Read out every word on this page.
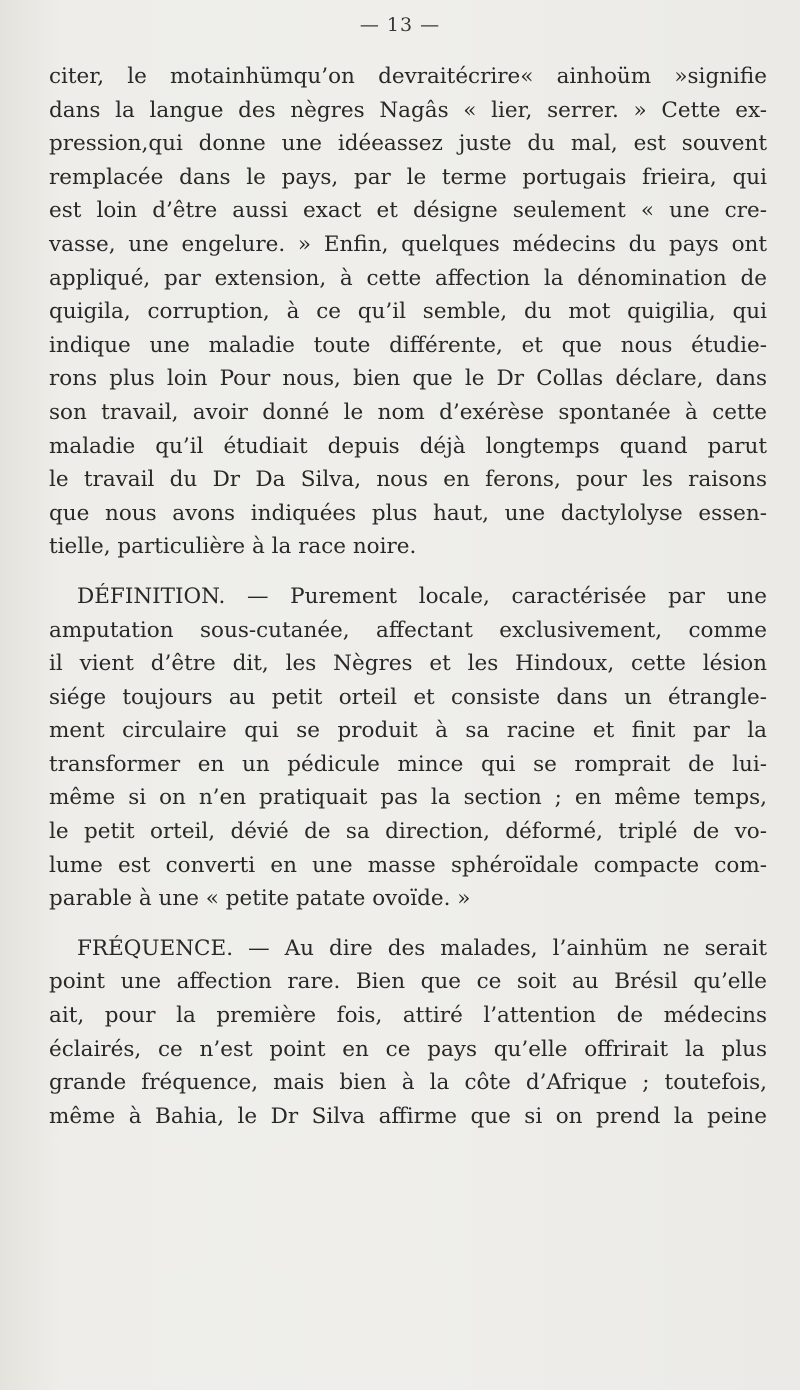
— 13 —
citer, le motainhümqu’on devraitécrire« ainhoüm »signifie
dans la langue des nègres Nagâs « lier, serrer. » Cette ex-
pression,qui donne une idéeassez juste du mal, est souvent
remplacée dans le pays, par le terme portugais frieira, qui
est loin d’être aussi exact et désigne seulement « une cre-
vasse, une engelure. » Enfin, quelques médecins du pays ont
appliqué, par extension, à cette affection la dénomination de
quigila, corruption, à ce qu’il semble, du mot quigilia, qui
indique une maladie toute différente, et que nous étudie-
rons plus loin Pour nous, bien que le Dr Collas déclare, dans
son travail, avoir donné le nom d’exérèse spontanée à cette
maladie qu’il étudiait depuis déjà longtemps quand parut
le travail du Dr Da Silva, nous en ferons, pour les raisons
que nous avons indiquées plus haut, une dactylolyse essen-
tielle, particulière à la race noire.
DÉFINITION. — Purement locale, caractérisée par une
amputation sous-cutanée, affectant exclusivement, comme
il vient d’être dit, les Nègres et les Hindoux, cette lésion
siége toujours au petit orteil et consiste dans un étrangle-
ment circulaire qui se produit à sa racine et finit par la
transformer en un pédicule mince qui se romprait de lui-
même si on n’en pratiquait pas la section ; en même temps,
le petit orteil, dévié de sa direction, déformé, triplé de vo-
lume est converti en une masse sphéroïdale compacte com-
parable à une « petite patate ovoïde. »
FRÉQUENCE. — Au dire des malades, l’ainhüm ne serait
point une affection rare. Bien que ce soit au Brésil qu’elle
ait, pour la première fois, attiré l’attention de médecins
éclairés, ce n’est point en ce pays qu’elle offrirait la plus
grande fréquence, mais bien à la côte d’Afrique ; toutefois,
même à Bahia, le Dr Silva affirme que si on prend la peine
